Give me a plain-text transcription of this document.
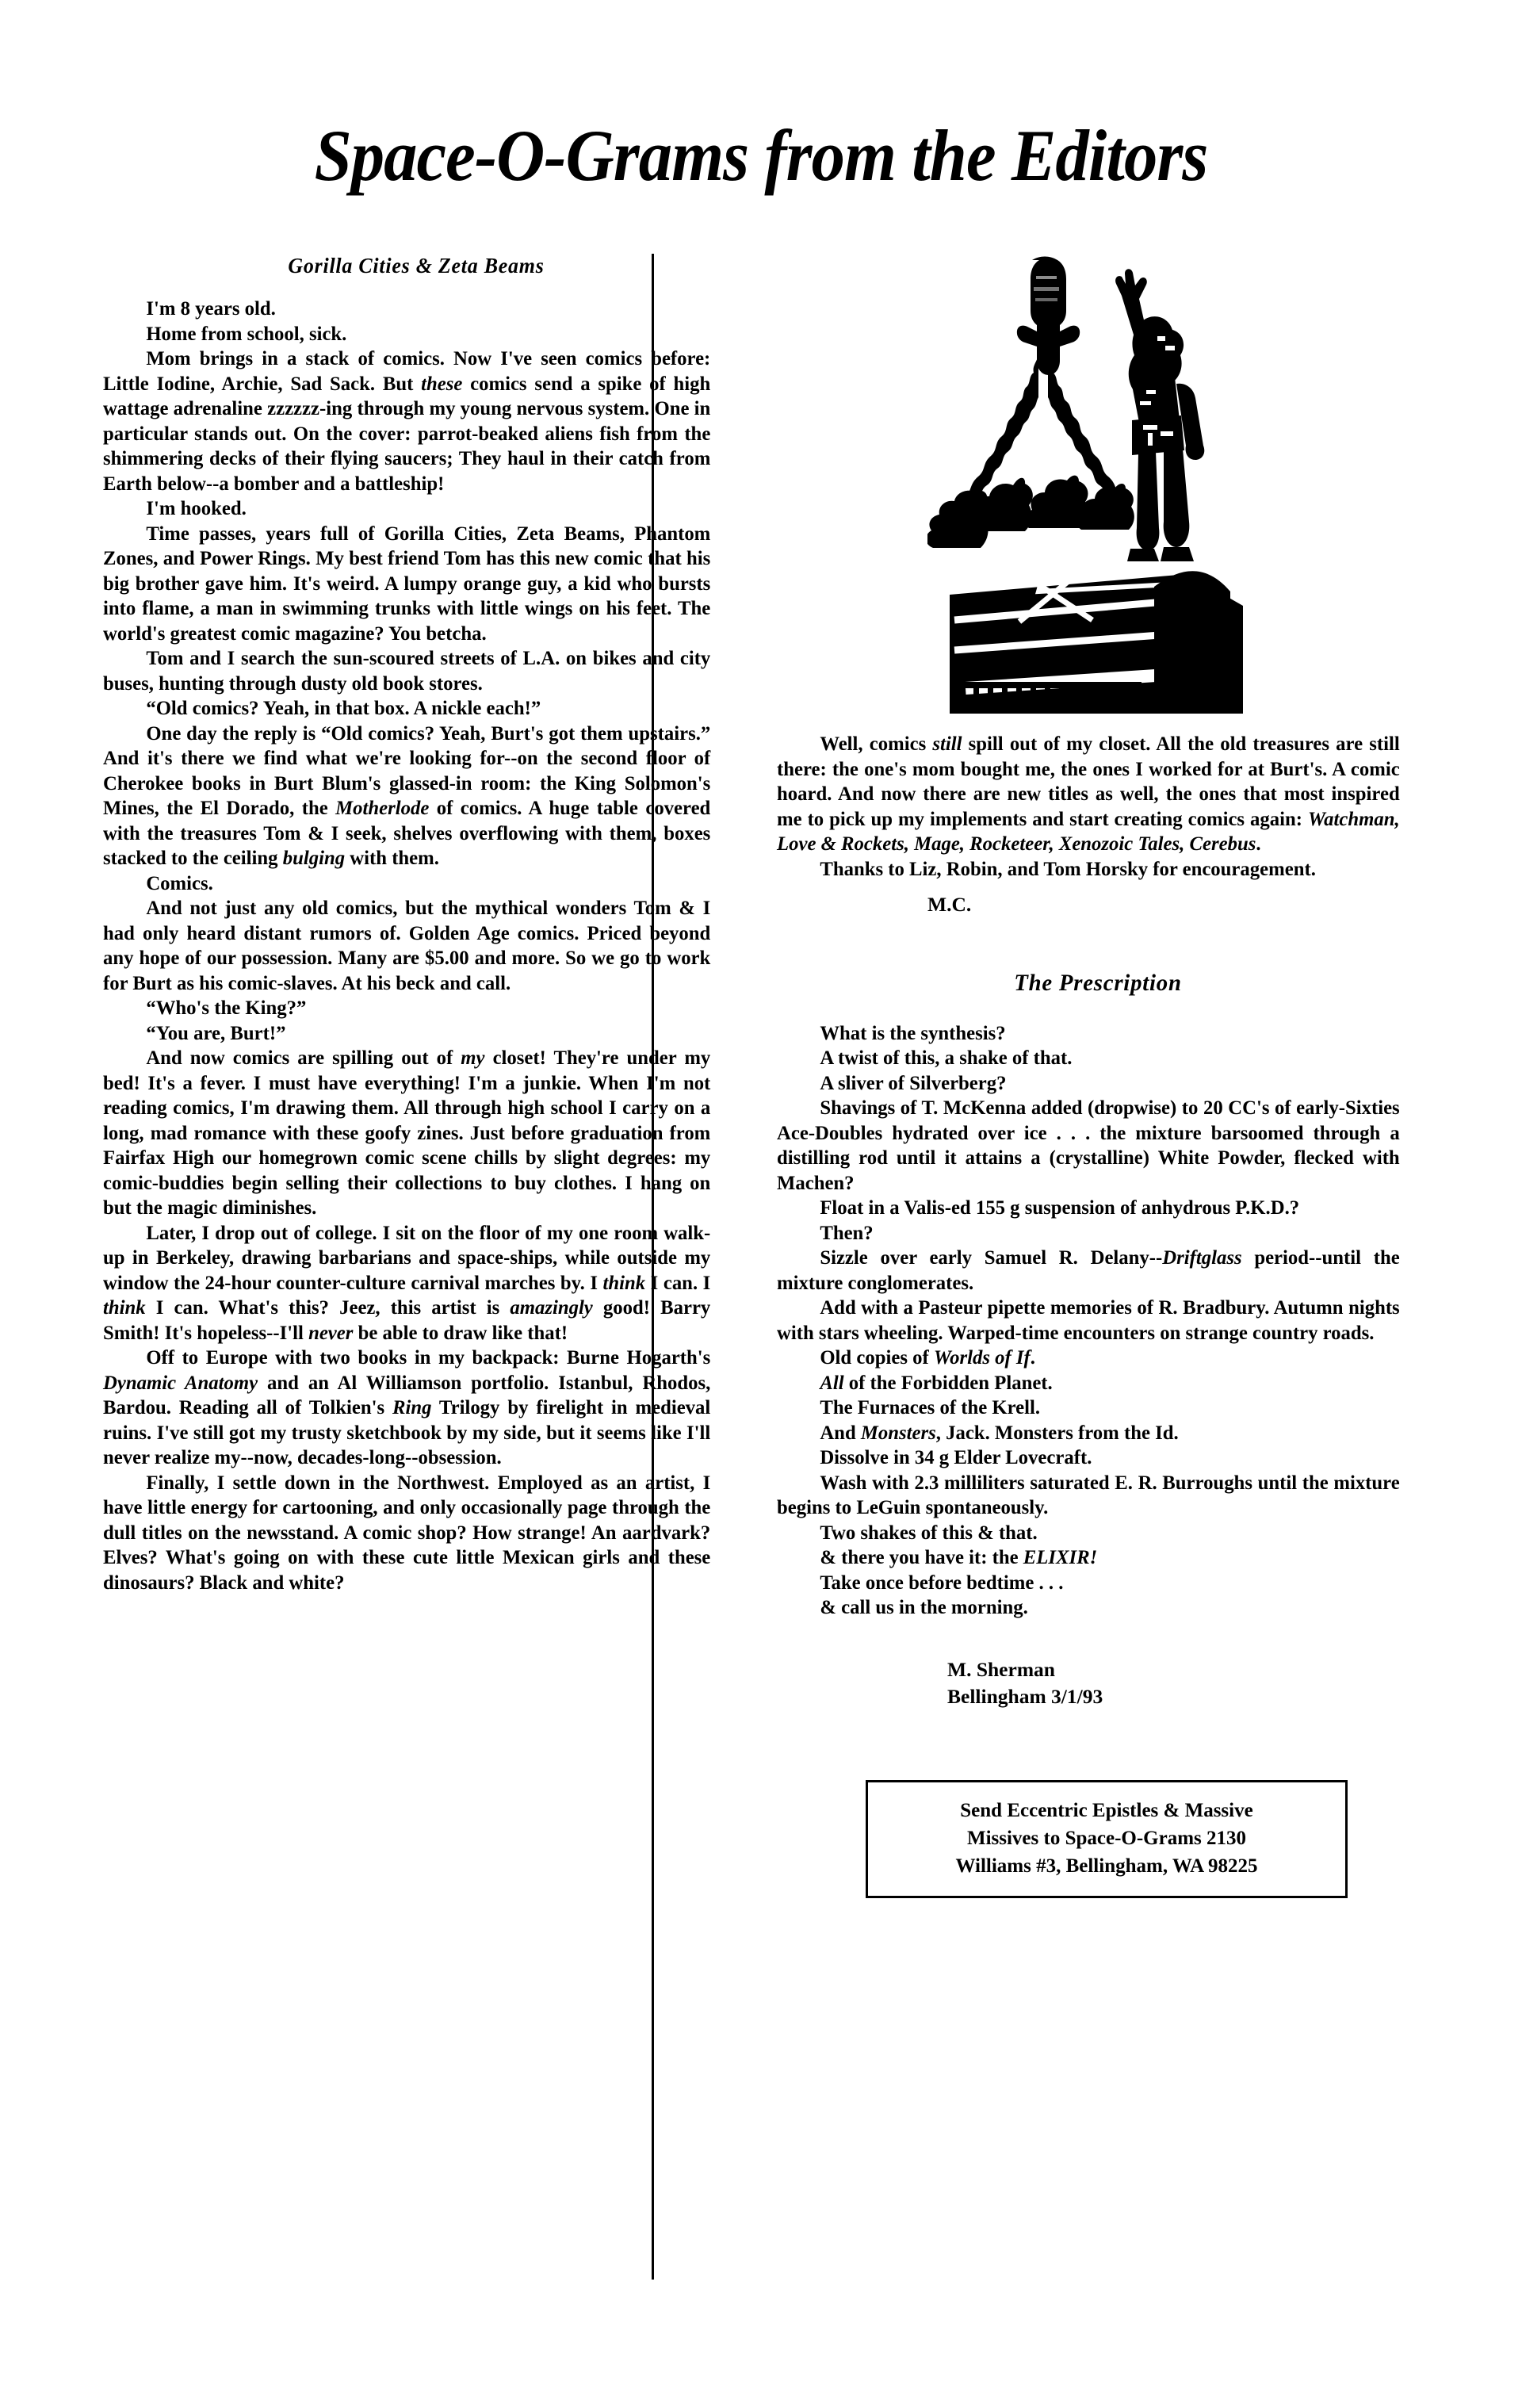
Space-O-Grams from the Editors
Gorilla Cities & Zeta Beams

I'm 8 years old.

Home from school, sick.

Mom brings in a stack of comics. Now I've seen comics before: Little Iodine, Archie, Sad Sack. But these comics send a spike of high wattage adrenaline zzzzzz-ing through my young nervous system. One in particular stands out. On the cover: parrot-beaked aliens fish from the shimmering decks of their flying saucers; They haul in their catch from Earth below--a bomber and a battleship!

I'm hooked.

Time passes, years full of Gorilla Cities, Zeta Beams, Phantom Zones, and Power Rings. My best friend Tom has this new comic that his big brother gave him. It's weird. A lumpy orange guy, a kid who bursts into flame, a man in swimming trunks with little wings on his feet. The world's greatest comic magazine? You betcha.

Tom and I search the sun-scoured streets of L.A. on bikes and city buses, hunting through dusty old book stores.

“Old comics? Yeah, in that box. A nickle each!”

One day the reply is “Old comics? Yeah, Burt's got them upstairs.” And it's there we find what we're looking for--on the second floor of Cherokee books in Burt Blum's glassed-in room: the King Solomon's Mines, the El Dorado, the Motherlode of comics. A huge table covered with the treasures Tom & I seek, shelves overflowing with them, boxes stacked to the ceiling bulging with them.

Comics.

And not just any old comics, but the mythical wonders Tom & I had only heard distant rumors of. Golden Age comics. Priced beyond any hope of our possession. Many are $5.00 and more. So we go to work for Burt as his comic-slaves. At his beck and call.

“Who's the King?”

“You are, Burt!”

And now comics are spilling out of my closet! They're under my bed! It's a fever. I must have everything! I'm a junkie. When I'm not reading comics, I'm drawing them. All through high school I carry on a long, mad romance with these goofy zines. Just before graduation from Fairfax High our homegrown comic scene chills by slight degrees: my comic-buddies begin selling their collections to buy clothes. I hang on but the magic diminishes.

Later, I drop out of college. I sit on the floor of my one room walk-up in Berkeley, drawing barbarians and space-ships, while outside my window the 24-hour counter-culture carnival marches by. I think I can. I think I can. What's this? Jeez, this artist is amazingly good! Barry Smith! It's hopeless--I'll never be able to draw like that!

Off to Europe with two books in my backpack: Burne Hogarth's Dynamic Anatomy and an Al Williamson portfolio. Istanbul, Rhodos, Bardou. Reading all of Tolkien's Ring Trilogy by firelight in medieval ruins. I've still got my trusty sketchbook by my side, but it seems like I'll never realize my--now, decades-long--obsession.

Finally, I settle down in the Northwest. Employed as an artist, I have little energy for cartooning, and only occasionally page through the dull titles on the newsstand. A comic shop? How strange! An aardvark? Elves? What's going on with these cute little Mexican girls and these dinosaurs? Black and white?

Well, comics still spill out of my closet. All the old treasures are still there: the one's mom bought me, the ones I worked for at Burt's. A comic hoard. And now there are new titles as well, the ones that most inspired me to pick up my implements and start creating comics again: Watchman, Love & Rockets, Mage, Rocketeer, Xenozoic Tales, Cerebus.

Thanks to Liz, Robin, and Tom Horsky for encouragement.

M.C.
The Prescription

What is the synthesis?

A twist of this, a shake of that.

A sliver of Silverberg?

Shavings of T. McKenna added (dropwise) to 20 CC's of early-Sixties Ace-Doubles hydrated over ice . . . the mixture barsoomed through a distilling rod until it attains a (crystalline) White Powder, flecked with Machen?

Float in a Valis-ed 155 g suspension of anhydrous P.K.D.?

Then?

Sizzle over early Samuel R. Delany--Driftglass period--until the mixture conglomerates.

Add with a Pasteur pipette memories of R. Bradbury. Autumn nights with stars wheeling. Warped-time encounters on strange country roads.

Old copies of Worlds of If.

All of the Forbidden Planet.

The Furnaces of the Krell.

And Monsters, Jack. Monsters from the Id.

Dissolve in 34 g Elder Lovecraft.

Wash with 2.3 milliliters saturated E. R. Burroughs until the mixture begins to LeGuin spontaneously.

Two shakes of this & that.

& there you have it: the ELIXIR!

Take once before bedtime . . .

& call us in the morning.

M. Sherman
Bellingham 3/1/93
Send Eccentric Epistles & Massive
Missives to Space-O-Grams 2130
Williams #3, Bellingham, WA 98225
